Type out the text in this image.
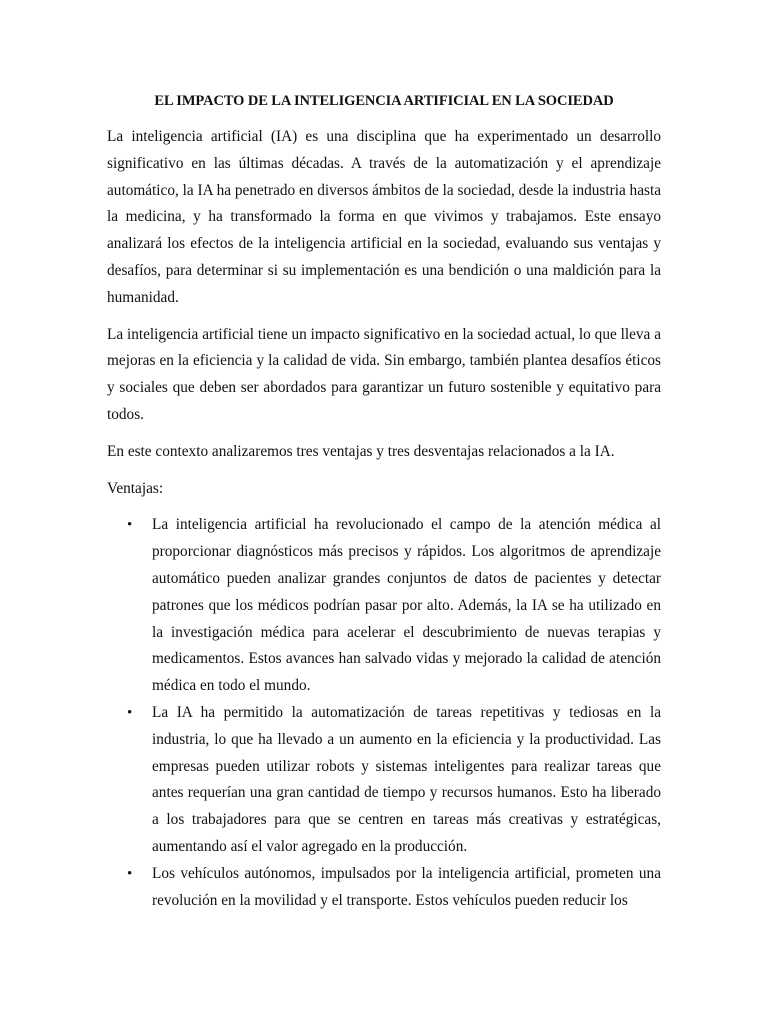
EL IMPACTO DE LA INTELIGENCIA ARTIFICIAL EN LA SOCIEDAD

La inteligencia artificial (IA) es una disciplina que ha experimentado un desarrollo significativo en las últimas décadas. A través de la automatización y el aprendizaje automático, la IA ha penetrado en diversos ámbitos de la sociedad, desde la industria hasta la medicina, y ha transformado la forma en que vivimos y trabajamos. Este ensayo analizará los efectos de la inteligencia artificial en la sociedad, evaluando sus ventajas y desafíos, para determinar si su implementación es una bendición o una maldición para la humanidad.

La inteligencia artificial tiene un impacto significativo en la sociedad actual, lo que lleva a mejoras en la eficiencia y la calidad de vida. Sin embargo, también plantea desafíos éticos y sociales que deben ser abordados para garantizar un futuro sostenible y equitativo para todos.

En este contexto analizaremos tres ventajas y tres desventajas relacionados a la IA.

Ventajas:

• La inteligencia artificial ha revolucionado el campo de la atención médica al proporcionar diagnósticos más precisos y rápidos. Los algoritmos de aprendizaje automático pueden analizar grandes conjuntos de datos de pacientes y detectar patrones que los médicos podrían pasar por alto. Además, la IA se ha utilizado en la investigación médica para acelerar el descubrimiento de nuevas terapias y medicamentos. Estos avances han salvado vidas y mejorado la calidad de atención médica en todo el mundo.
• La IA ha permitido la automatización de tareas repetitivas y tediosas en la industria, lo que ha llevado a un aumento en la eficiencia y la productividad. Las empresas pueden utilizar robots y sistemas inteligentes para realizar tareas que antes requerían una gran cantidad de tiempo y recursos humanos. Esto ha liberado a los trabajadores para que se centren en tareas más creativas y estratégicas, aumentando así el valor agregado en la producción.
• Los vehículos autónomos, impulsados por la inteligencia artificial, prometen una revolución en la movilidad y el transporte. Estos vehículos pueden reducir los
